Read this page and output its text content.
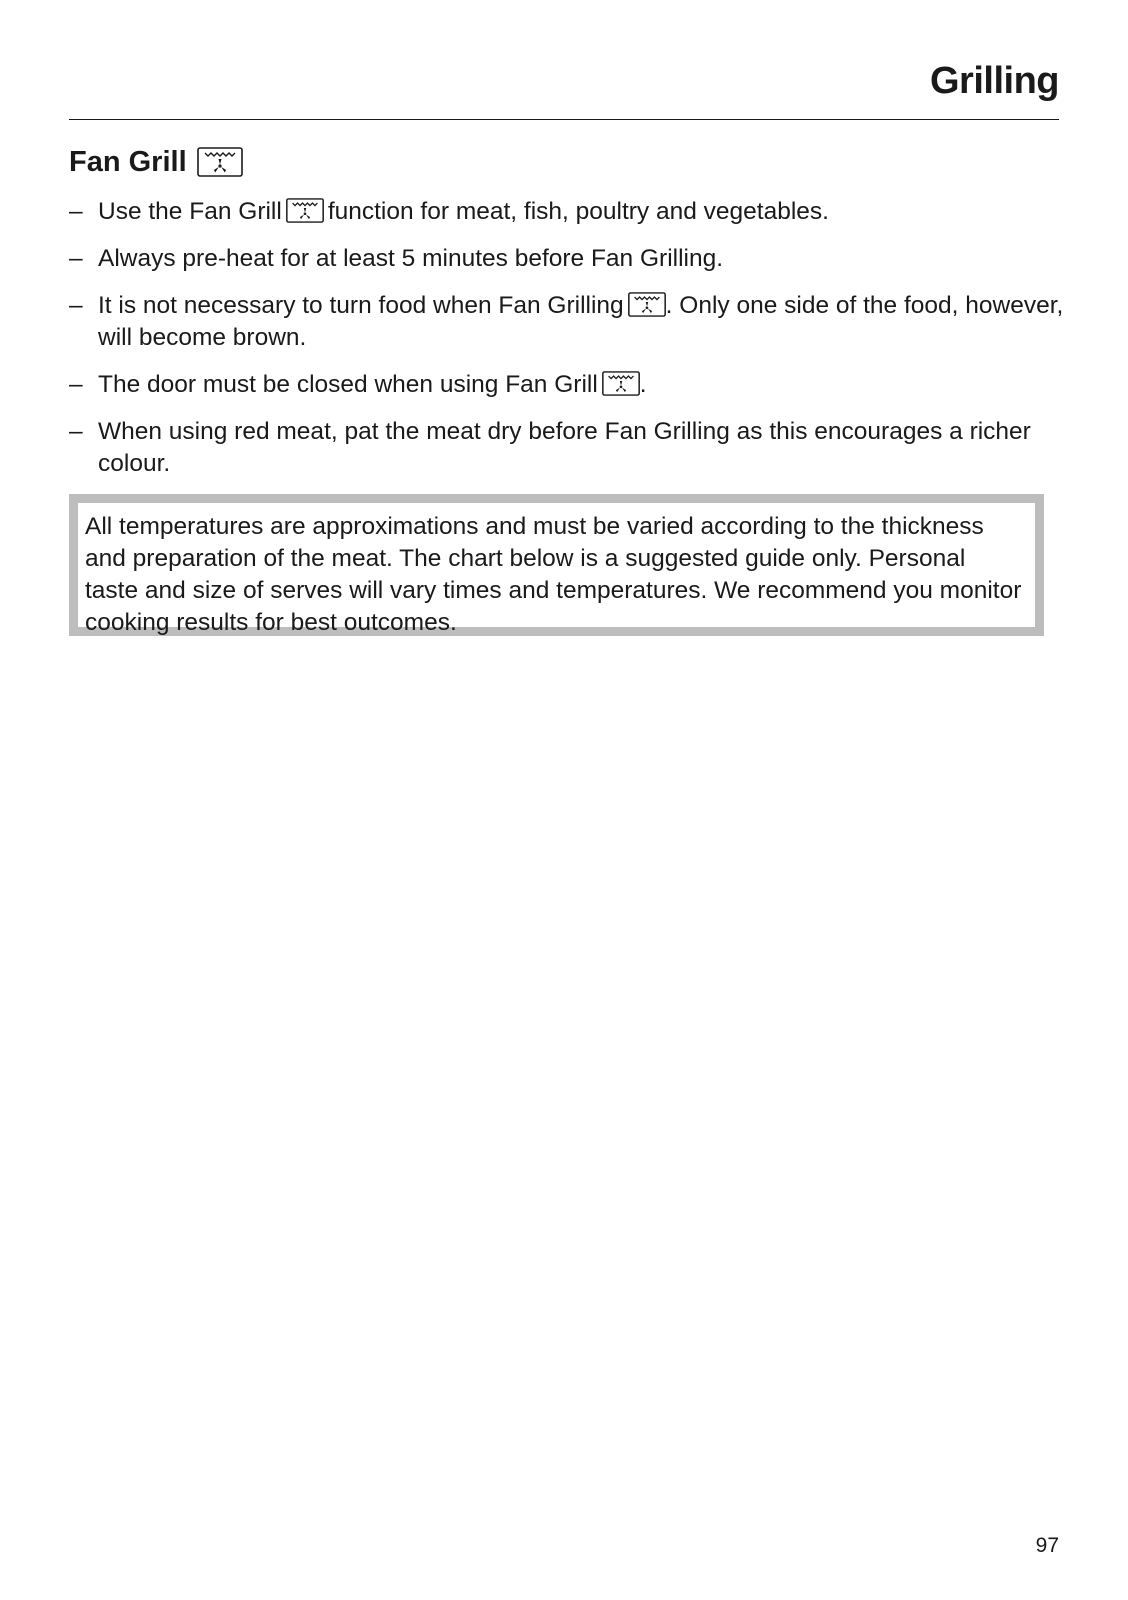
Grilling
Fan Grill
– Use the Fan Grill function for meat, fish, poultry and vegetables.
– Always pre-heat for at least 5 minutes before Fan Grilling.
– It is not necessary to turn food when Fan Grilling . Only one side of the food, however, will become brown.
– The door must be closed when using Fan Grill .
– When using red meat, pat the meat dry before Fan Grilling as this encourages a richer colour.
All temperatures are approximations and must be varied according to the thickness and preparation of the meat. The chart below is a suggested guide only. Personal taste and size of serves will vary times and temperatures. We recommend you monitor cooking results for best outcomes.
97
